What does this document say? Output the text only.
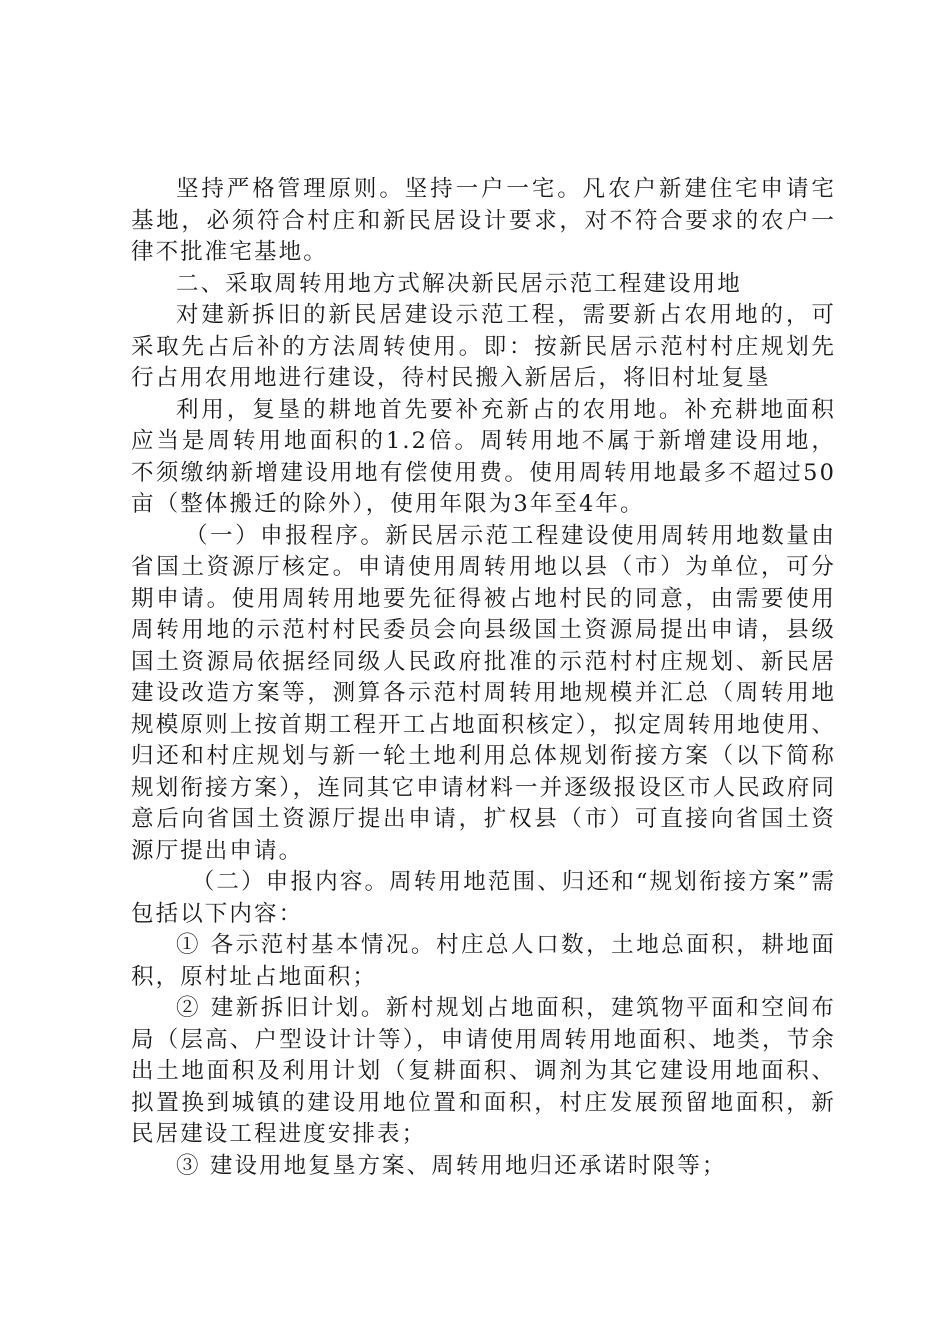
坚持严格管理原则。坚持一户一宅。凡农户新建住宅申请宅基地，必须符合村庄和新民居设计要求，对不符合要求的农户一律不批准宅基地。

二、采取周转用地方式解决新民居示范工程建设用地

对建新拆旧的新民居建设示范工程，需要新占农用地的，可采取先占后补的方法周转使用。即：按新民居示范村村庄规划先行占用农用地进行建设，待村民搬入新居后，将旧村址复垦

利用，复垦的耕地首先要补充新占的农用地。补充耕地面积应当是周转用地面积的1.2倍。周转用地不属于新增建设用地，不须缴纳新增建设用地有偿使用费。使用周转用地最多不超过50亩（整体搬迁的除外），使用年限为3年至4年。

（一）申报程序。新民居示范工程建设使用周转用地数量由省国土资源厅核定。申请使用周转用地以县（市）为单位，可分期申请。使用周转用地要先征得被占地村民的同意，由需要使用周转用地的示范村村民委员会向县级国土资源局提出申请，县级国土资源局依据经同级人民政府批准的示范村村庄规划、新民居建设改造方案等，测算各示范村周转用地规模并汇总（周转用地规模原则上按首期工程开工占地面积核定），拟定周转用地使用、归还和村庄规划与新一轮土地利用总体规划衔接方案（以下简称规划衔接方案），连同其它申请材料一并逐级报设区市人民政府同意后向省国土资源厅提出申请，扩权县（市）可直接向省国土资源厅提出申请。

（二）申报内容。周转用地范围、归还和“规划衔接方案”需包括以下内容：

① 各示范村基本情况。村庄总人口数，土地总面积，耕地面积，原村址占地面积；

② 建新拆旧计划。新村规划占地面积，建筑物平面和空间布局（层高、户型设计计等），申请使用周转用地面积、地类，节余出土地面积及利用计划（复耕面积、调剂为其它建设用地面积、拟置换到城镇的建设用地位置和面积，村庄发展预留地面积，新民居建设工程进度安排表；

③ 建设用地复垦方案、周转用地归还承诺时限等；
